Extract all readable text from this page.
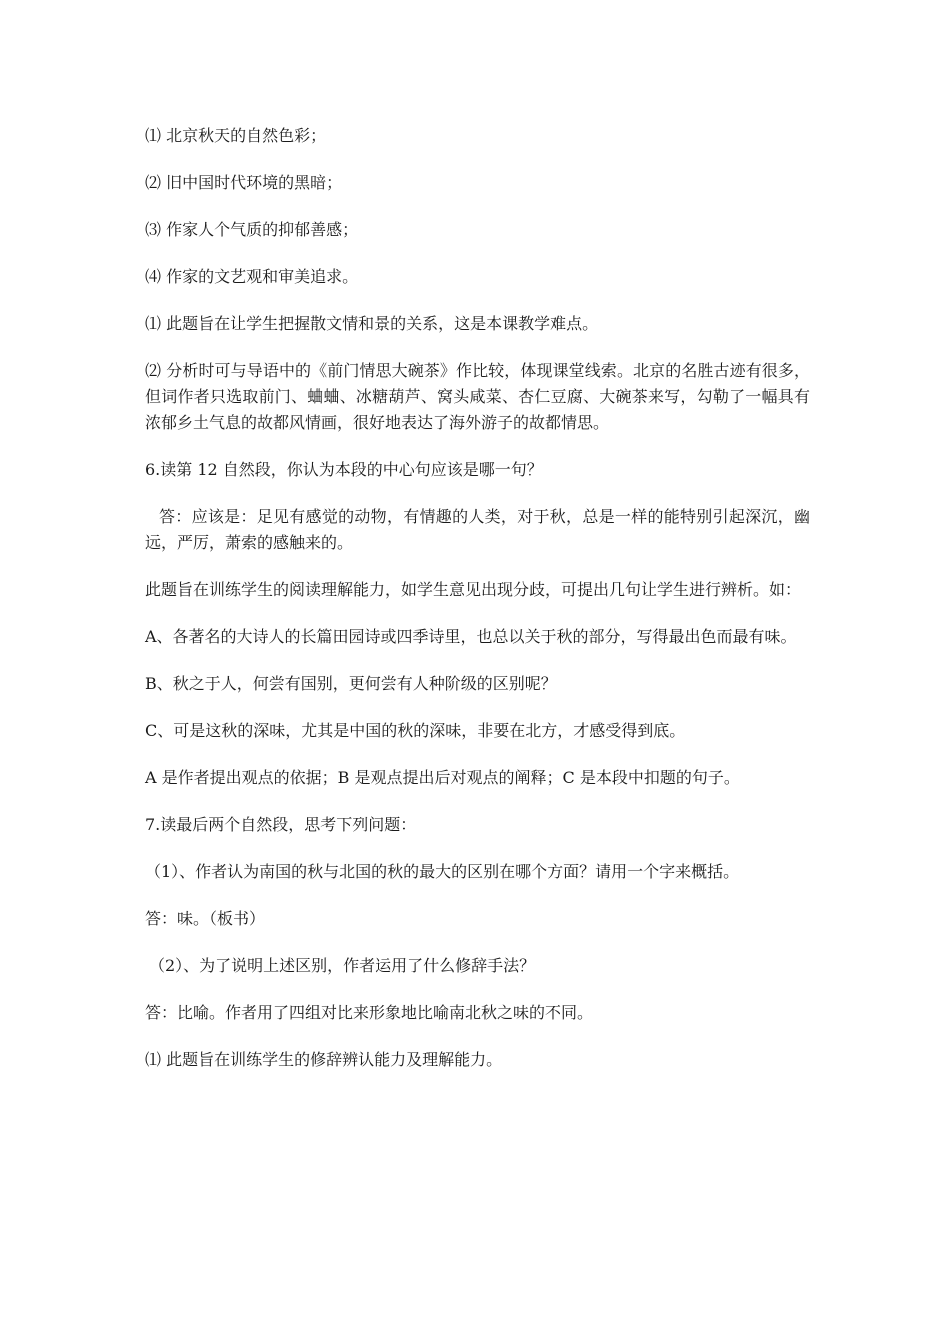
⑴ 北京秋天的自然色彩；

⑵ 旧中国时代环境的黑暗；

⑶ 作家人个气质的抑郁善感；

⑷ 作家的文艺观和审美追求。

⑴ 此题旨在让学生把握散文情和景的关系，这是本课教学难点。

⑵ 分析时可与导语中的《前门情思大碗茶》作比较，体现课堂线索。北京的名胜古迹有很多，但词作者只选取前门、蛐蛐、冰糖葫芦、窝头咸菜、杏仁豆腐、大碗茶来写，勾勒了一幅具有浓郁乡土气息的故都风情画，很好地表达了海外游子的故都情思。

6.读第 12 自然段，你认为本段的中心句应该是哪一句？

答：应该是：足见有感觉的动物，有情趣的人类，对于秋，总是一样的能特别引起深沉，幽远，严厉，萧索的感触来的。

此题旨在训练学生的阅读理解能力，如学生意见出现分歧，可提出几句让学生进行辨析。如：

A、各著名的大诗人的长篇田园诗或四季诗里，也总以关于秋的部分，写得最出色而最有味。

B、秋之于人，何尝有国别，更何尝有人种阶级的区别呢？

C、可是这秋的深味，尤其是中国的秋的深味，非要在北方，才感受得到底。

A 是作者提出观点的依据；B 是观点提出后对观点的阐释；C 是本段中扣题的句子。

7.读最后两个自然段，思考下列问题：

（1）、作者认为南国的秋与北国的秋的最大的区别在哪个方面？请用一个字来概括。

答：味。（板书）

（2）、为了说明上述区别，作者运用了什么修辞手法？

答：比喻。作者用了四组对比来形象地比喻南北秋之味的不同。

⑴ 此题旨在训练学生的修辞辨认能力及理解能力。
